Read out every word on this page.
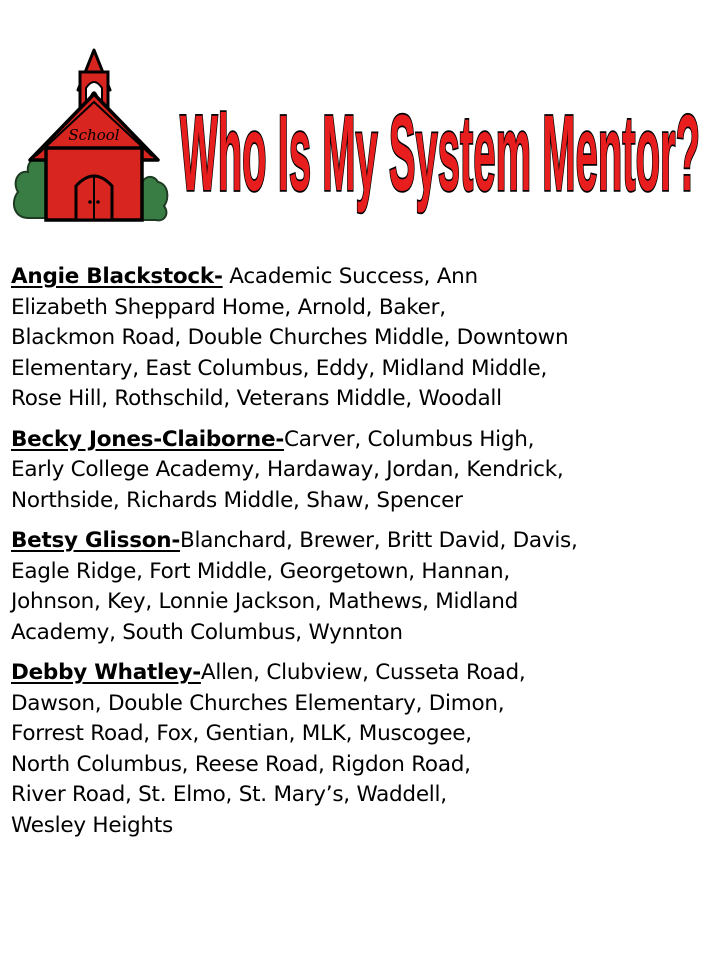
School Who Is My System Mentor?

Angie Blackstock- Academic Success, Ann
Elizabeth Sheppard Home, Arnold, Baker,
Blackmon Road, Double Churches Middle, Downtown
Elementary, East Columbus, Eddy, Midland Middle,
Rose Hill, Rothschild, Veterans Middle, Woodall

Becky Jones-Claiborne-Carver, Columbus High,
Early College Academy, Hardaway, Jordan, Kendrick,
Northside, Richards Middle, Shaw, Spencer

Betsy Glisson-Blanchard, Brewer, Britt David, Davis,
Eagle Ridge, Fort Middle, Georgetown, Hannan,
Johnson, Key, Lonnie Jackson, Mathews, Midland
Academy, South Columbus, Wynnton

Debby Whatley-Allen, Clubview, Cusseta Road,
Dawson, Double Churches Elementary, Dimon,
Forrest Road, Fox, Gentian, MLK, Muscogee,
North Columbus, Reese Road, Rigdon Road,
River Road, St. Elmo, St. Mary’s, Waddell,
Wesley Heights
